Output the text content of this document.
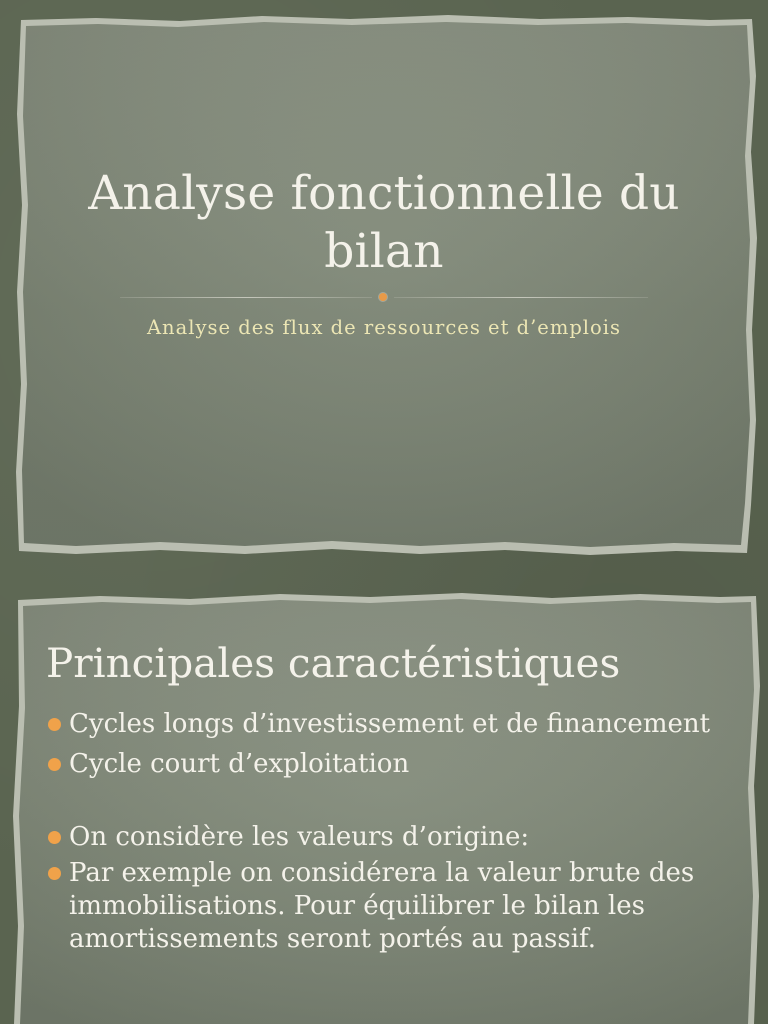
Analyse fonctionnelle du bilan
Analyse des flux de ressources et d’emplois
Principales caractéristiques
Cycles longs d’investissement et de financement
Cycle court d’exploitation
On considère les valeurs d’origine:
Par exemple on considérera la valeur brute des immobilisations. Pour équilibrer le bilan les amortissements seront portés au passif.
